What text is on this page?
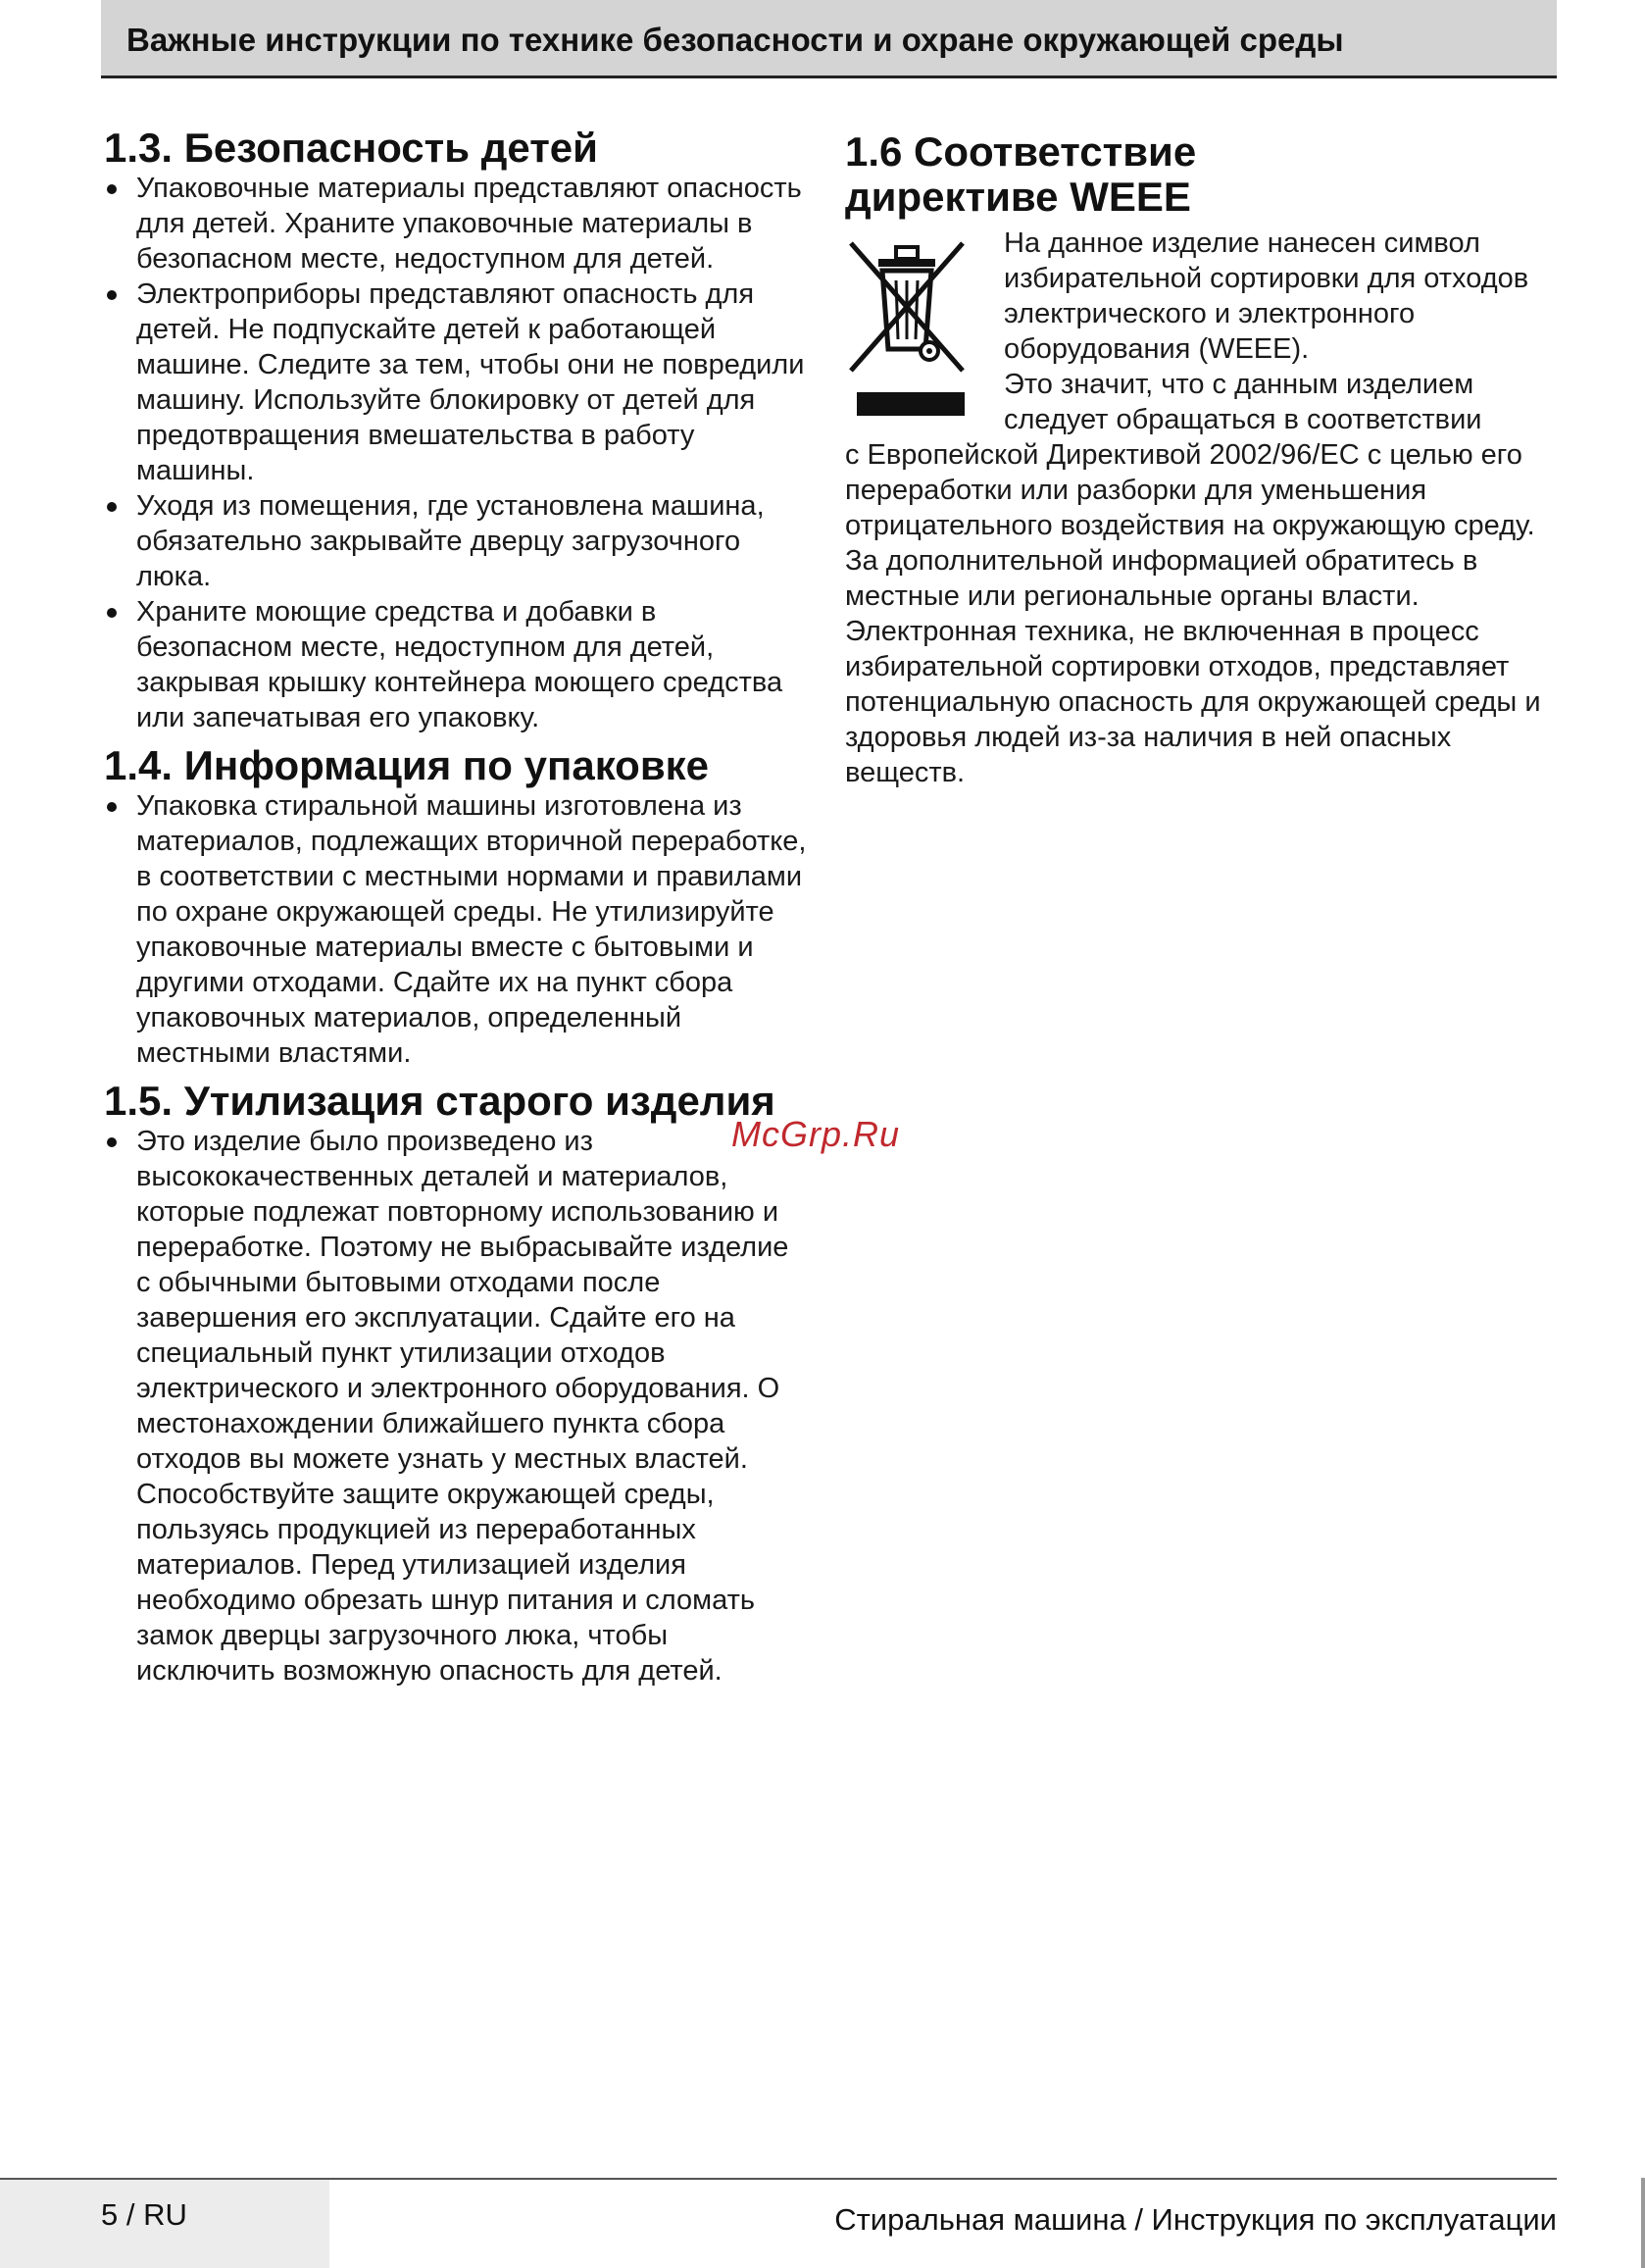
Важные инструкции по технике безопасности и охране окружающей среды
1.3. Безопасность детей
Упаковочные материалы представляют опасность для детей. Храните упаковочные материалы в безопасном месте, недоступном для детей.
Электроприборы представляют опасность для детей. Не подпускайте детей к работающей машине. Следите за тем, чтобы они не повредили машину. Используйте блокировку от детей для предотвращения вмешательства в работу машины.
Уходя из помещения, где установлена машина, обязательно закрывайте дверцу загрузочного люка.
Храните моющие средства и добавки в безопасном месте, недоступном для детей, закрывая крышку контейнера моющего средства или запечатывая его упаковку.
1.4. Информация по упаковке
Упаковка стиральной машины изготовлена из материалов, подлежащих вторичной переработке, в соответствии с местными нормами и правилами по охране окружающей среды. Не утилизируйте упаковочные материалы вместе с бытовыми и другими отходами. Сдайте их на пункт сбора упаковочных материалов, определенный местными властями.
1.5. Утилизация старого изделия
Это изделие было произведено из высококачественных деталей и материалов, которые подлежат повторному использованию и переработке. Поэтому не выбрасывайте изделие с обычными бытовыми отходами после завершения его эксплуатации. Сдайте его на специальный пункт утилизации отходов электрического и электронного оборудования. О местонахождении ближайшего пункта сбора отходов вы можете узнать у местных властей. Способствуйте защите окружающей среды, пользуясь продукцией из переработанных материалов. Перед утилизацией изделия необходимо обрезать шнур питания и сломать замок дверцы загрузочного люка, чтобы исключить возможную опасность для детей.
1.6 Соответствие
директиве WEEE

На данное изделие нанесен символ избирательной сортировки для отходов электрического и электронного оборудования (WEEE).

Это значит, что с данным изделием следует обращаться в соответствии

с Европейской Директивой 2002/96/EC с целью его переработки или разборки для уменьшения отрицательного воздействия на окружающую среду. За дополнительной информацией обратитесь в местные или региональные органы власти.

Электронная техника, не включенная в процесс избирательной сортировки отходов, представляет потенциальную опасность для окружающей среды и здоровья людей из-за наличия в ней опасных веществ.

McGrp.Ru
5 / RU	Стиральная машина / Инструкция по эксплуатации
